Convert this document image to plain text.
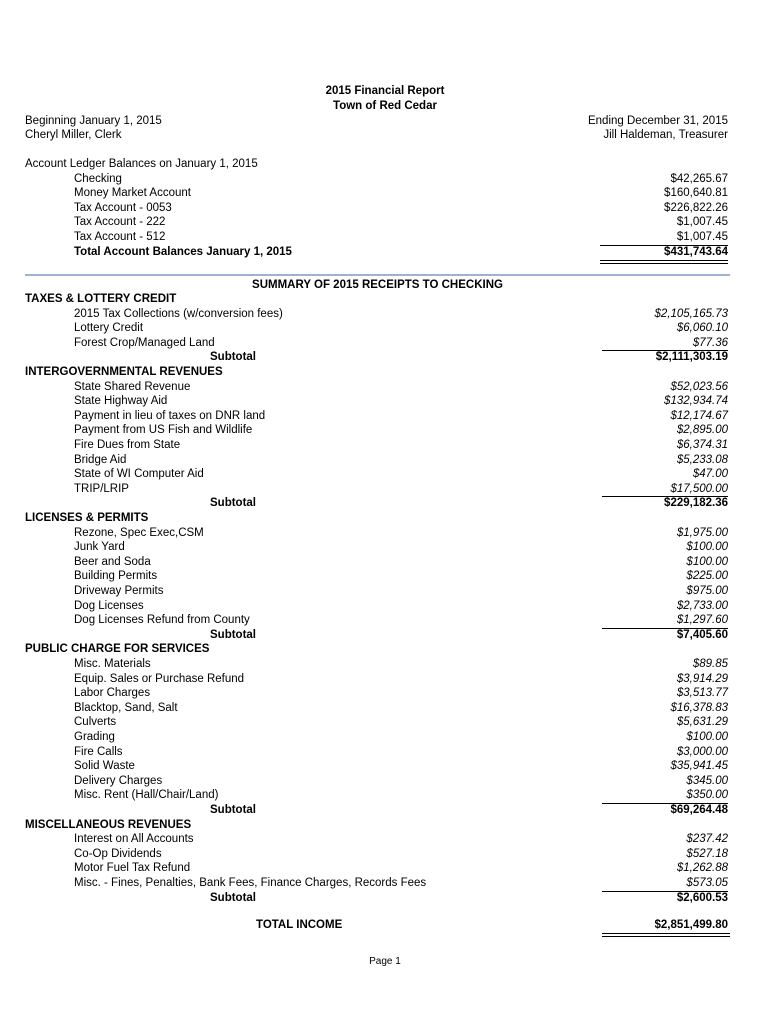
2015 Financial Report
Town of Red Cedar
Beginning January 1, 2015
Cheryl Miller, Clerk
Ending December 31, 2015
Jill Haldeman, Treasurer
Account Ledger Balances on January 1, 2015
Checking	$42,265.67
Money Market Account	$160,640.81
Tax Account - 0053	$226,822.26
Tax Account - 222	$1,007.45
Tax Account - 512	$1,007.45
Total Account Balances January 1, 2015	$431,743.64
SUMMARY OF 2015 RECEIPTS TO CHECKING
TAXES & LOTTERY CREDIT
2015 Tax Collections (w/conversion fees)	$2,105,165.73
Lottery Credit	$6,060.10
Forest Crop/Managed Land	$77.36
Subtotal	$2,111,303.19
INTERGOVERNMENTAL REVENUES
State Shared Revenue	$52,023.56
State Highway Aid	$132,934.74
Payment in lieu of taxes on DNR land	$12,174.67
Payment from US Fish and Wildlife	$2,895.00
Fire Dues from State	$6,374.31
Bridge Aid	$5,233.08
State of WI Computer Aid	$47.00
TRIP/LRIP	$17,500.00
Subtotal	$229,182.36
LICENSES & PERMITS
Rezone, Spec Exec,CSM	$1,975.00
Junk Yard	$100.00
Beer and Soda	$100.00
Building Permits	$225.00
Driveway Permits	$975.00
Dog Licenses	$2,733.00
Dog Licenses Refund from County	$1,297.60
Subtotal	$7,405.60
PUBLIC CHARGE FOR SERVICES
Misc. Materials	$89.85
Equip. Sales or Purchase Refund	$3,914.29
Labor Charges	$3,513.77
Blacktop, Sand, Salt	$16,378.83
Culverts	$5,631.29
Grading	$100.00
Fire Calls	$3,000.00
Solid Waste	$35,941.45
Delivery Charges	$345.00
Misc. Rent (Hall/Chair/Land)	$350.00
Subtotal	$69,264.48
MISCELLANEOUS REVENUES
Interest on All Accounts	$237.42
Co-Op Dividends	$527.18
Motor Fuel Tax Refund	$1,262.88
Misc. - Fines, Penalties, Bank Fees, Finance Charges, Records Fees	$573.05
Subtotal	$2,600.53
TOTAL INCOME	$2,851,499.80
Page 1
